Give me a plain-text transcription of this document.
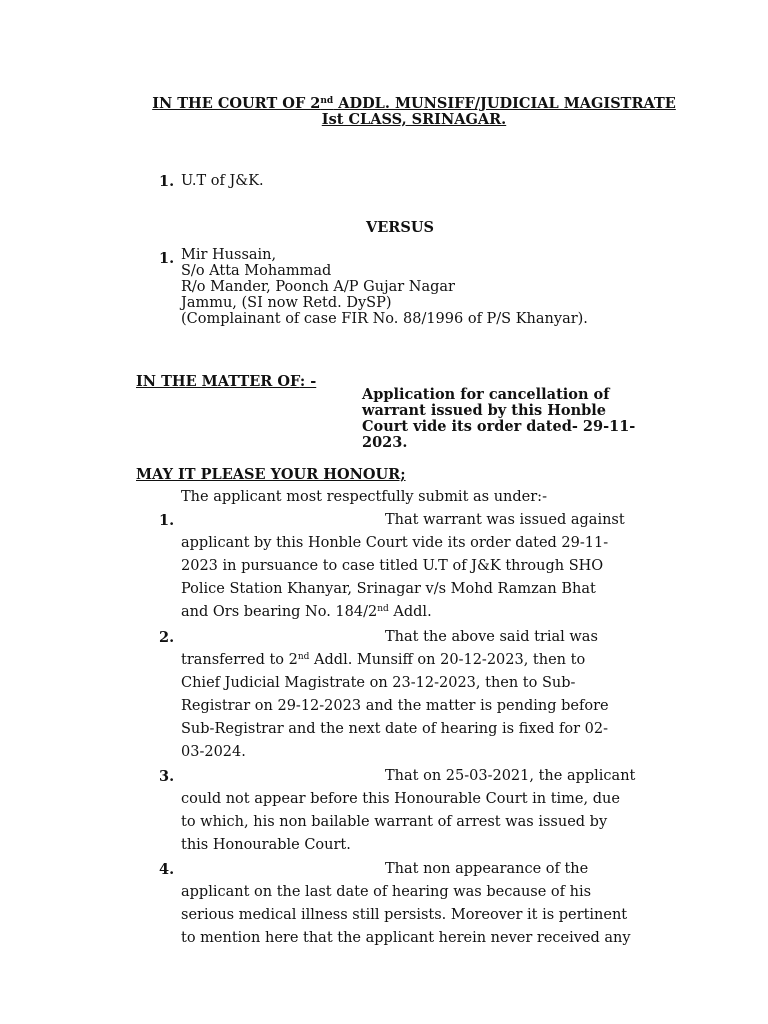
IN THE COURT OF 2nd ADDL. MUNSIFF/JUDICIAL MAGISTRATE
Ist CLASS, SRINAGAR.
1. U.T of J&K.
VERSUS
1. Mir Hussain,
S/o Atta Mohammad
R/o Mander, Poonch A/P Gujar Nagar
Jammu, (SI now Retd. DySP)
(Complainant of case FIR No. 88/1996 of P/S Khanyar).
IN THE MATTER OF: -
Application for cancellation of
warrant issued by this Honble
Court vide its order dated- 29-11-
2023.
MAY IT PLEASE YOUR HONOUR;
The applicant most respectfully submit as under:-
1.	That warrant was issued against
applicant by this Honble Court vide its order dated 29-11-
2023 in pursuance to case titled U.T of J&K through SHO
Police Station Khanyar, Srinagar v/s Mohd Ramzan Bhat
and Ors bearing No. 184/2nd Addl.
2.	That the above said trial was
transferred to 2nd Addl. Munsiff on 20-12-2023, then to
Chief Judicial Magistrate on 23-12-2023, then to Sub-
Registrar on 29-12-2023 and the matter is pending before
Sub-Registrar and the next date of hearing is fixed for 02-
03-2024.
3.	That on 25-03-2021, the applicant
could not appear before this Honourable Court in time, due
to which, his non bailable warrant of arrest was issued by
this Honourable Court.
4.	That non appearance of the
applicant on the last date of hearing was because of his
serious medical illness still persists. Moreover it is pertinent
to mention here that the applicant herein never received any
